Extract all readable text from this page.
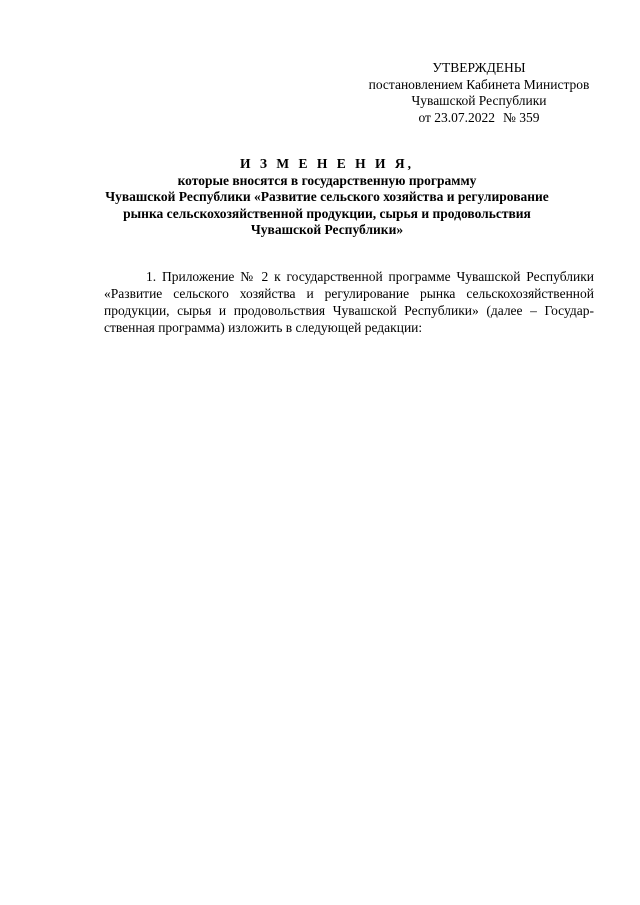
УТВЕРЖДЕНЫ
постановлением Кабинета Министров
Чувашской Республики
от 23.07.2022 № 359
И З М Е Н Е Н И Я,
которые вносятся в государственную программу
Чувашской Республики «Развитие сельского хозяйства и регулирование
рынка сельскохозяйственной продукции, сырья и продовольствия
Чувашской Республики»
1. Приложение № 2 к государственной программе Чувашской Республики
«Развитие сельского хозяйства и регулирование рынка сельскохозяйственной
продукции, сырья и продовольствия Чувашской Республики» (далее – Государ-
ственная программа) изложить в следующей редакции:
